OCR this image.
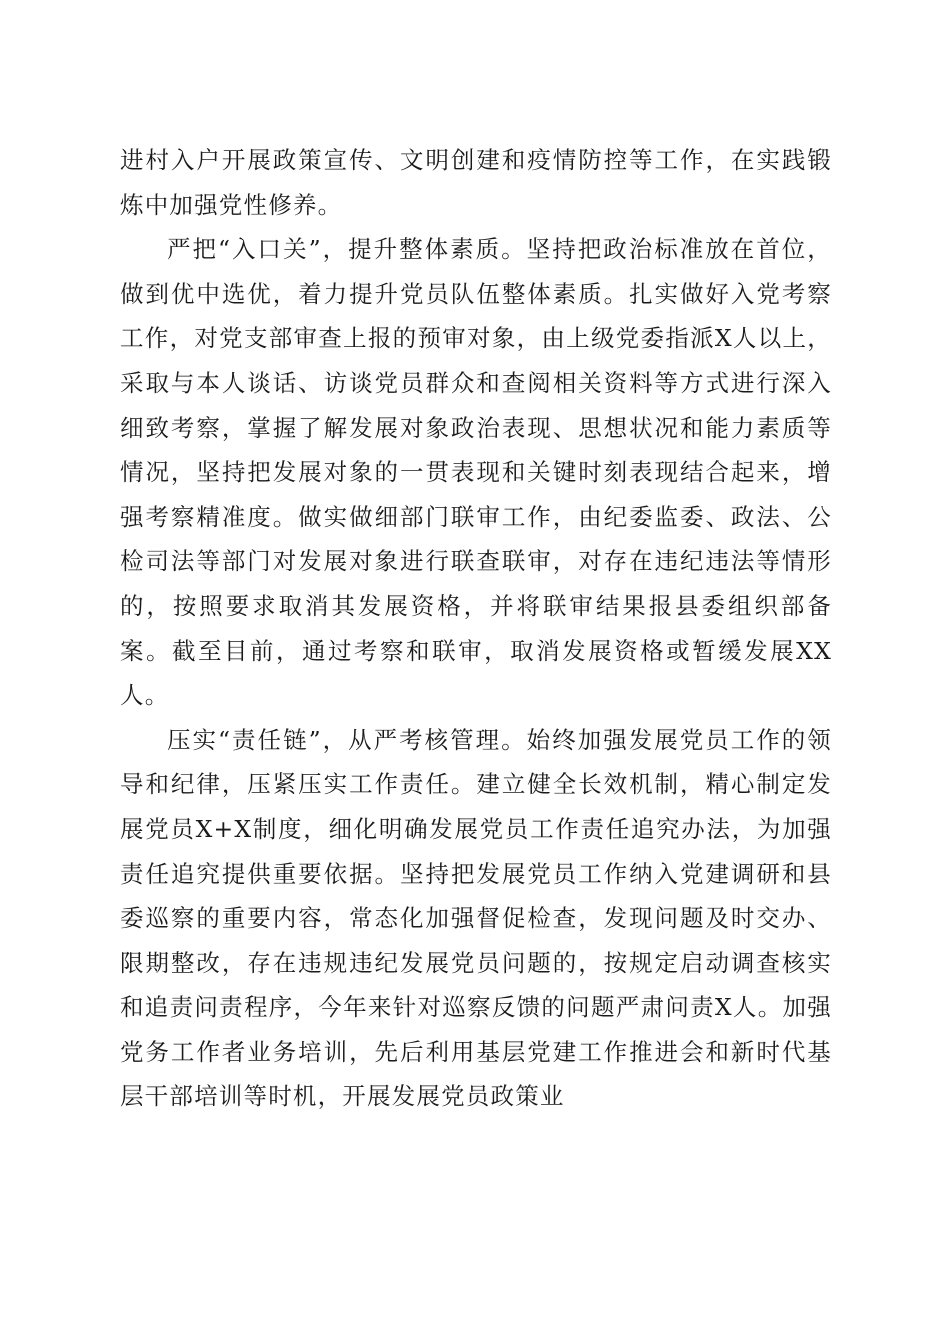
进村入户开展政策宣传、文明创建和疫情防控等工作，在实践锻炼中加强党性修养。

严把“入口关”，提升整体素质。坚持把政治标准放在首位，做到优中选优，着力提升党员队伍整体素质。扎实做好入党考察工作，对党支部审查上报的预审对象，由上级党委指派X人以上，采取与本人谈话、访谈党员群众和查阅相关资料等方式进行深入细致考察，掌握了解发展对象政治表现、思想状况和能力素质等情况，坚持把发展对象的一贯表现和关键时刻表现结合起来，增强考察精准度。做实做细部门联审工作，由纪委监委、政法、公检司法等部门对发展对象进行联查联审，对存在违纪违法等情形的，按照要求取消其发展资格，并将联审结果报县委组织部备案。截至目前，通过考察和联审，取消发展资格或暂缓发展XX人。

压实“责任链”，从严考核管理。始终加强发展党员工作的领导和纪律，压紧压实工作责任。建立健全长效机制，精心制定发展党员X+X制度，细化明确发展党员工作责任追究办法，为加强责任追究提供重要依据。坚持把发展党员工作纳入党建调研和县委巡察的重要内容，常态化加强督促检查，发现问题及时交办、限期整改，存在违规违纪发展党员问题的，按规定启动调查核实和追责问责程序，今年来针对巡察反馈的问题严肃问责X人。加强党务工作者业务培训，先后利用基层党建工作推进会和新时代基层干部培训等时机，开展发展党员政策业
